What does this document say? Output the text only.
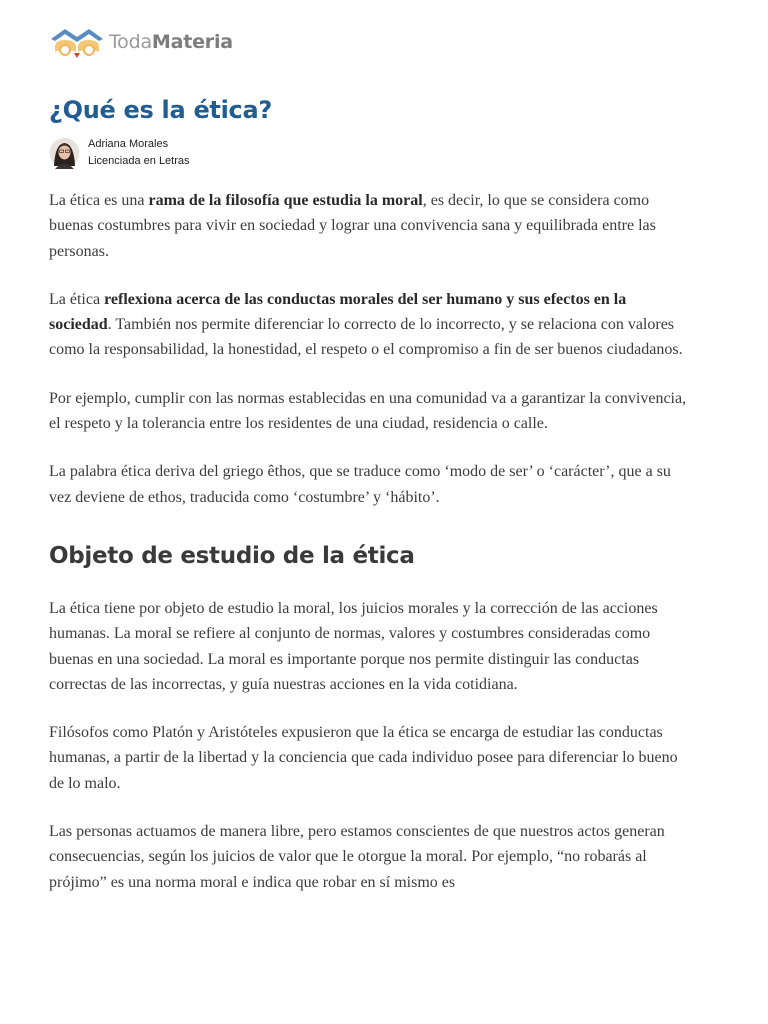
TodaMateria
¿Qué es la ética?
Adriana Morales
Licenciada en Letras

La ética es una rama de la filosofía que estudia la moral, es decir, lo que se considera como buenas costumbres para vivir en sociedad y lograr una convivencia sana y equilibrada entre las personas.

La ética reflexiona acerca de las conductas morales del ser humano y sus efectos en la sociedad. También nos permite diferenciar lo correcto de lo incorrecto, y se relaciona con valores como la responsabilidad, la honestidad, el respeto o el compromiso a fin de ser buenos ciudadanos.

Por ejemplo, cumplir con las normas establecidas en una comunidad va a garantizar la convivencia, el respeto y la tolerancia entre los residentes de una ciudad, residencia o calle.

La palabra ética deriva del griego êthos, que se traduce como ‘modo de ser’ o ‘carácter’, que a su vez deviene de ethos, traducida como ‘costumbre’ y ‘hábito’.

Objeto de estudio de la ética

La ética tiene por objeto de estudio la moral, los juicios morales y la corrección de las acciones humanas. La moral se refiere al conjunto de normas, valores y costumbres consideradas como buenas en una sociedad. La moral es importante porque nos permite distinguir las conductas correctas de las incorrectas, y guía nuestras acciones en la vida cotidiana.

Filósofos como Platón y Aristóteles expusieron que la ética se encarga de estudiar las conductas humanas, a partir de la libertad y la conciencia que cada individuo posee para diferenciar lo bueno de lo malo.

Las personas actuamos de manera libre, pero estamos conscientes de que nuestros actos generan consecuencias, según los juicios de valor que le otorgue la moral. Por ejemplo, “no robarás al prójimo” es una norma moral e indica que robar en sí mismo es
